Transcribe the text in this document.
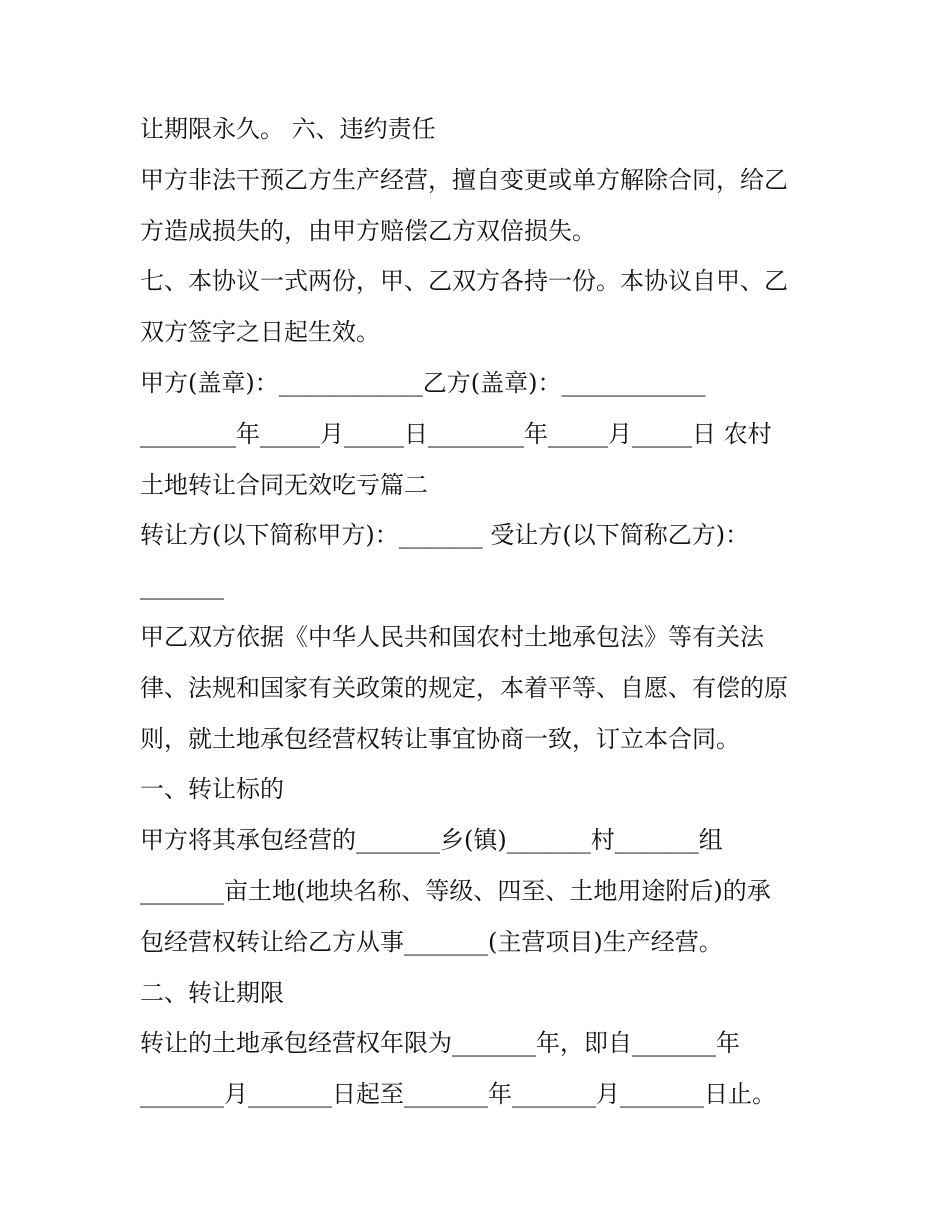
让期限永久。 六、违约责任

甲方非法干预乙方生产经营，擅自变更或单方解除合同，给乙

方造成损失的，由甲方赔偿乙方双倍损失。

七、本协议一式两份，甲、乙双方各持一份。本协议自甲、乙

双方签字之日起生效。

甲方(盖章)：____________乙方(盖章)：____________

________年_____月_____日________年_____月_____日 农村

土地转让合同无效吃亏篇二

转让方(以下简称甲方)：_______ 受让方(以下简称乙方)：

_______

甲乙双方依据《中华人民共和国农村土地承包法》等有关法

律、法规和国家有关政策的规定，本着平等、自愿、有偿的原

则，就土地承包经营权转让事宜协商一致，订立本合同。

一、转让标的

甲方将其承包经营的_______乡(镇)_______村_______组

_______亩土地(地块名称、等级、四至、土地用途附后)的承

包经营权转让给乙方从事_______(主营项目)生产经营。

二、转让期限

转让的土地承包经营权年限为_______年，即自_______年

_______月_______日起至_______年_______月_______日止。
